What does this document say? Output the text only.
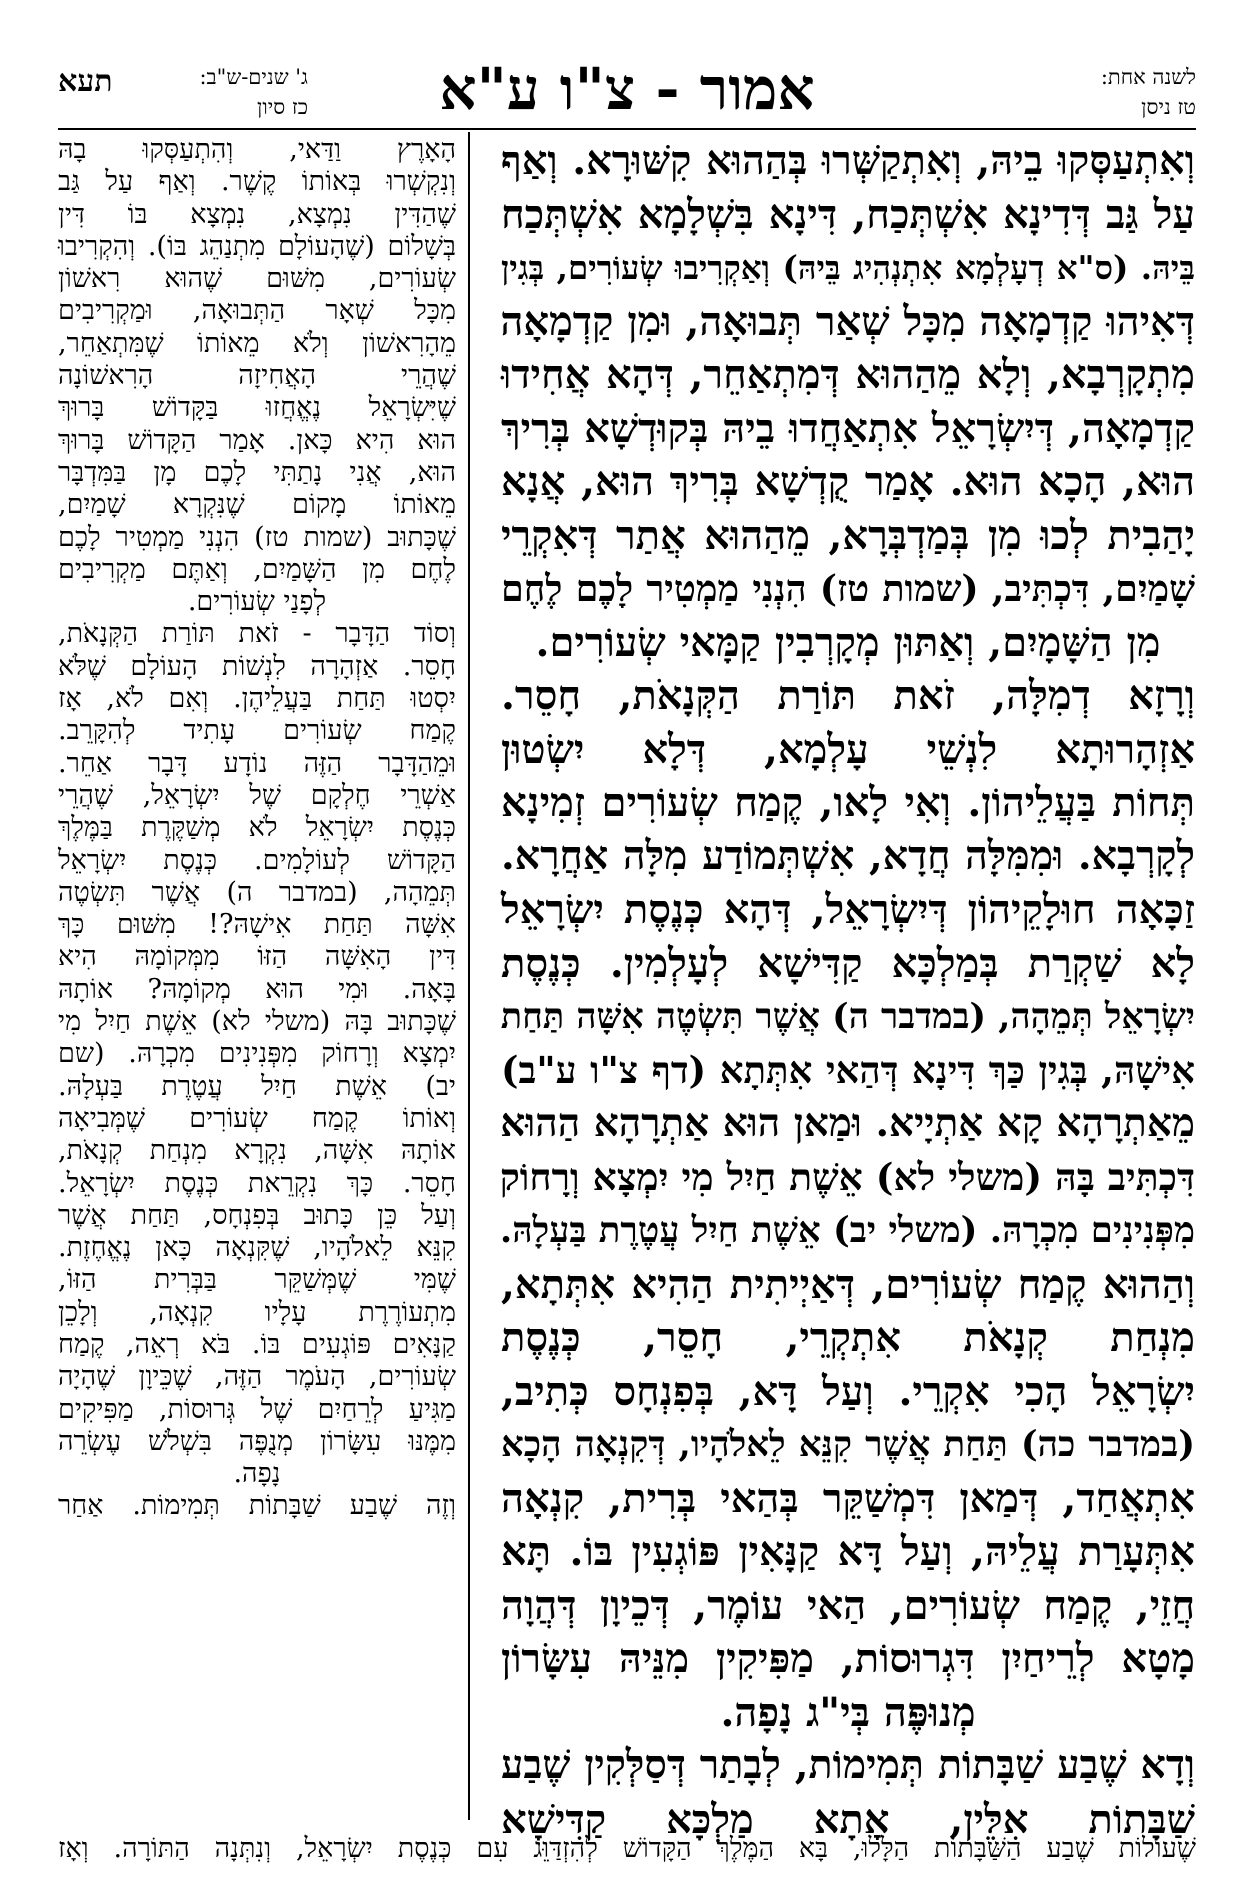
לשנה אחת:
טז ניסן
אמור - צ"ו ע"א
ג' שנים-ש"ב:
כז סיון
תעא
וְאִתְעַסְּקוּ בֵיהּ, וְאִתְקַשְּׁרוּ בְּהַהוּא קִשּׁוּרָא. וְאַף
עַל גַּב דְּדִינָא אִשְׁתְּכַח, דִּינָא בִּשְׁלָמָא אִשְׁתְּכַח
בֵּיהּ. (ס"א דְעָלְמָא אִתְנְהִיג בֵּיהּ) וְאַקְרִיבוּ שְׂעוֹרִים, בְּגִין
דְּאִיהוּ קַדְמָאָה מִכָּל שְׁאַר תְּבוּאָה, וּמִן קַדְמָאָה
מִתְקָרְבָא, וְלָא מֵהַהוּא דְּמִתְאַחֵר, דְּהָא אֲחִידוּ
קַדְמָאָה, דְּיִשְׂרָאֵל אִתְאַחֲדוּ בֵיהּ בְּקוּדְשָׁא בְּרִיךְ
הוּא, הָכָא הוּא. אָמַר קֻדְשָׁא בְּרִיךְ הוּא, אֲנָא
יָהַבִית לְכוּ מִן בְּמַדְבְּרָא, מֵהַהוּא אֲתַר דְּאִקְרֵי
שָׁמַיִם, דִּכְתִּיב, (שמות טז) הִנְנִי מַמְטִיר לָכֶם לֶחֶם
מִן הַשָּׁמָיִם, וְאַתּוּן מְקָרְבִין קַמָּאי שְׂעוֹרִים.
וְרָזָא דְמִלָּה, זֹאת תּוֹרַת הַקְּנָאֹת, חָסֵר.
אַזְהָרוּתָא לִנְשֵׁי עָלְמָא, דְּלָא יִשְׂטוּן
תְּחוֹת בַּעֲלֵיהוֹן. וְאִי לָאו, קֶמַח שְׂעוֹרִים זְמִינָא
לְקָרְבָא. וּמִמִּלָּה חֲדָא, אִשְׁתְּמוֹדַע מִלָּה אַחֲרָא.
זַכָּאָה חוּלָקֵיהוֹן דְּיִשְׂרָאֵל, דְּהָא כְּנֶסֶת יִשְׂרָאֵל
לָא שַׁקְרַת בְּמַלְכָּא קַדִּישָׁא לְעָלְמִין. כְּנֶסֶת
יִשְׂרָאֵל תְּמֵהָה, (במדבר ה) אֲשֶׁר תִּשְׂטֶה אִשָּׁה תַּחַת
אִישָׁהּ, בְּגִין כַּךְ דִּינָא דְּהַאי אִתְּתָא (דף צ"ו ע"ב)
מֵאַתְרָהָא קָא אַתְיָיא. וּמַאן הוּא אַתְרָהָא הַהוּא
דִּכְתִּיב בָּהּ (משלי לא) אֵשֶׁת חַיִל מִי יִמְצָא וְרָחוֹק
מִפְּנִינִים מִכְרָהּ. (משלי יב) אֵשֶׁת חַיִל עֲטֶרֶת בַּעְלָהּ.
וְהַהוּא קֶמַח שְׂעוֹרִים, דְּאַיְיתִית הַהִיא אִתְּתָא,
מִנְחַת קְנָאֹת אִתְקְרֵי, חָסֵר, כְּנֶסֶת
יִשְׂרָאֵל הָכִי אִקְרֵי. וְעַל דָּא, בְּפִנְחָס כְּתִיב,
(במדבר כה) תַּחַת אֲשֶׁר קִנֵּא לֵאלֹהָיו, דְּקִנְאָה הָכָא
אִתְאֲחַד, דְּמַאן דִּמְשַׁקֵּר בְּהַאי בְּרִית, קִנְאָה
אִתְּעָרַת עֲלֵיהּ, וְעַל דָּא קַנָּאִין פּוֹגְעִין בּוֹ. תָּא
חֲזֵי, קֶמַח שְׂעוֹרִים, הַאי עוֹמֶר, דְּכֵיוָן דְּהֲוָה
מָטָא לְרֵיחַיִן דִּגְרוּסוֹת, מַפִּיקִין מִנֵּיהּ עִשָּׂרוֹן
מְנוּפֶּה בְּי"ג נָפָה.
וְדָא שֶׁבַע שַׁבָּתוֹת תְּמִימוֹת, לְבָתַר דְּסַלְּקִין שֶׁבַע
שַׁבָּתוֹת אִלֵּין, אָתָא מַלְכָּא קַדִּישָׁא
הָאָרֶץ וַדַּאי, וְהִתְעַסְּקוּ בָהּ
וְנִקְשְׁרוּ בְּאוֹתוֹ קֶשֶׁר. וְאַף עַל גַּב
שֶׁהַדִּין נִמְצָא, נִמְצָא בּוֹ דִּין
בְּשָׁלוֹם (שֶׁהָעוֹלָם מִתְנַהֵג בּוֹ). וְהִקְרִיבוּ
שְׂעוֹרִים, מִשּׁוּם שֶׁהוּא רִאשׁוֹן
מִכָּל שְׁאָר הַתְּבוּאָה, וּמַקְרִיבִים
מֵהָרִאשׁוֹן וְלֹא מֵאוֹתוֹ שֶׁמִּתְאַחֵר,
שֶׁהֲרֵי הָאֲחִיזָה הָרִאשׁוֹנָה
שֶׁיִּשְׂרָאֵל נֶאֱחֲזוּ בַּקָּדוֹשׁ בָּרוּךְ
הוּא הִיא כָּאן. אָמַר הַקָּדוֹשׁ בָּרוּךְ
הוּא, אֲנִי נָתַתִּי לָכֶם מָן בַּמִּדְבָּר
מֵאוֹתוֹ מָקוֹם שֶׁנִּקְרָא שָׁמַיִם,
שֶׁכָּתוּב (שמות טז) הִנְנִי מַמְטִיר לָכֶם
לֶחֶם מִן הַשָּׁמַיִם, וְאַתֶּם מַקְרִיבִים
לְפָנַי שְׂעוֹרִים.
וְסוֹד הַדָּבָר - זֹאת תּוֹרַת הַקְּנָאֹת,
חָסֵר. אַזְהָרָה לִנְשׁוֹת הָעוֹלָם שֶׁלֹּא
יִסְטוּ תַּחַת בַּעֲלֵיהֶן. וְאִם לֹא, אָז
קֶמַח שְׂעוֹרִים עָתִיד לְהִקָּרֵב.
וּמֵהַדָּבָר הַזֶּה נוֹדָע דָּבָר אַחֵר.
אַשְׁרֵי חֶלְקָם שֶׁל יִשְׂרָאֵל, שֶׁהֲרֵי
כְּנֶסֶת יִשְׂרָאֵל לֹא מְשַׁקֶּרֶת בַּמֶּלֶךְ
הַקָּדוֹשׁ לְעוֹלָמִים. כְּנֶסֶת יִשְׂרָאֵל
תְּמֵהָה, (במדבר ה) אֲשֶׁר תִּשְׂטֶה
אִשָּׁה תַּחַת אִישָׁהּ?! מִשּׁוּם כָּךְ
דִּין הָאִשָּׁה הַזּוֹ מִמְּקוֹמָהּ הִיא
בָּאָה. וּמִי הוּא מְקוֹמָהּ? אוֹתָהּ
שֶׁכָּתוּב בָּהּ (משלי לא) אֵשֶׁת חַיִל מִי
יִמְצָא וְרָחוֹק מִפְּנִינִים מִכְרָהּ. (שם
יב) אֵשֶׁת חַיִל עֲטֶרֶת בַּעְלָהּ.
וְאוֹתוֹ קֶמַח שְׂעוֹרִים שֶׁמְּבִיאָה
אוֹתָהּ אִשָּׁה, נִקְרָא מִנְחַת קְנָאֹת,
חָסֵר. כָּךְ נִקְרֵאת כְּנֶסֶת יִשְׂרָאֵל.
וְעַל כֵּן כָּתוּב בְּפִנְחָס, תַּחַת אֲשֶׁר
קִנֵּא לֵאלֹהָיו, שֶׁקִּנְאָה כָּאן נֶאֱחֶזֶת.
שֶׁמִּי שֶׁמְּשַׁקֵּר בַּבְּרִית הַזּוֹ,
מִתְעוֹרֶרֶת עָלָיו קִנְאָה, וְלָכֵן
קַנָּאִים פּוֹגְעִים בּוֹ. בֹּא רְאֵה, קֶמַח
שְׂעוֹרִים, הָעֹמֶר הַזֶּה, שֶׁכֵּיוָן שֶׁהָיָה
מַגִּיעַ לְרֵחַיִם שֶׁל גְּרוּסוֹת, מַפִּיקִים
מִמֶּנּוּ עִשָּׂרוֹן מְנֻפֶּה בִּשְׁלֹשׁ עֶשְׂרֵה
נָפָה.
וְזֶה שֶׁבַע שַׁבָּתוֹת תְּמִימוֹת. אַחַר
שֶׁעוֹלוֹת שֶׁבַע הַשַּׁבָּתוֹת הַלָּלוּ, בָּא הַמֶּלֶךְ הַקָּדוֹשׁ לְהִזְדַּוֵּג עִם כְּנֶסֶת יִשְׂרָאֵל, וְנִתְּנָה הַתּוֹרָה. וְאָז
